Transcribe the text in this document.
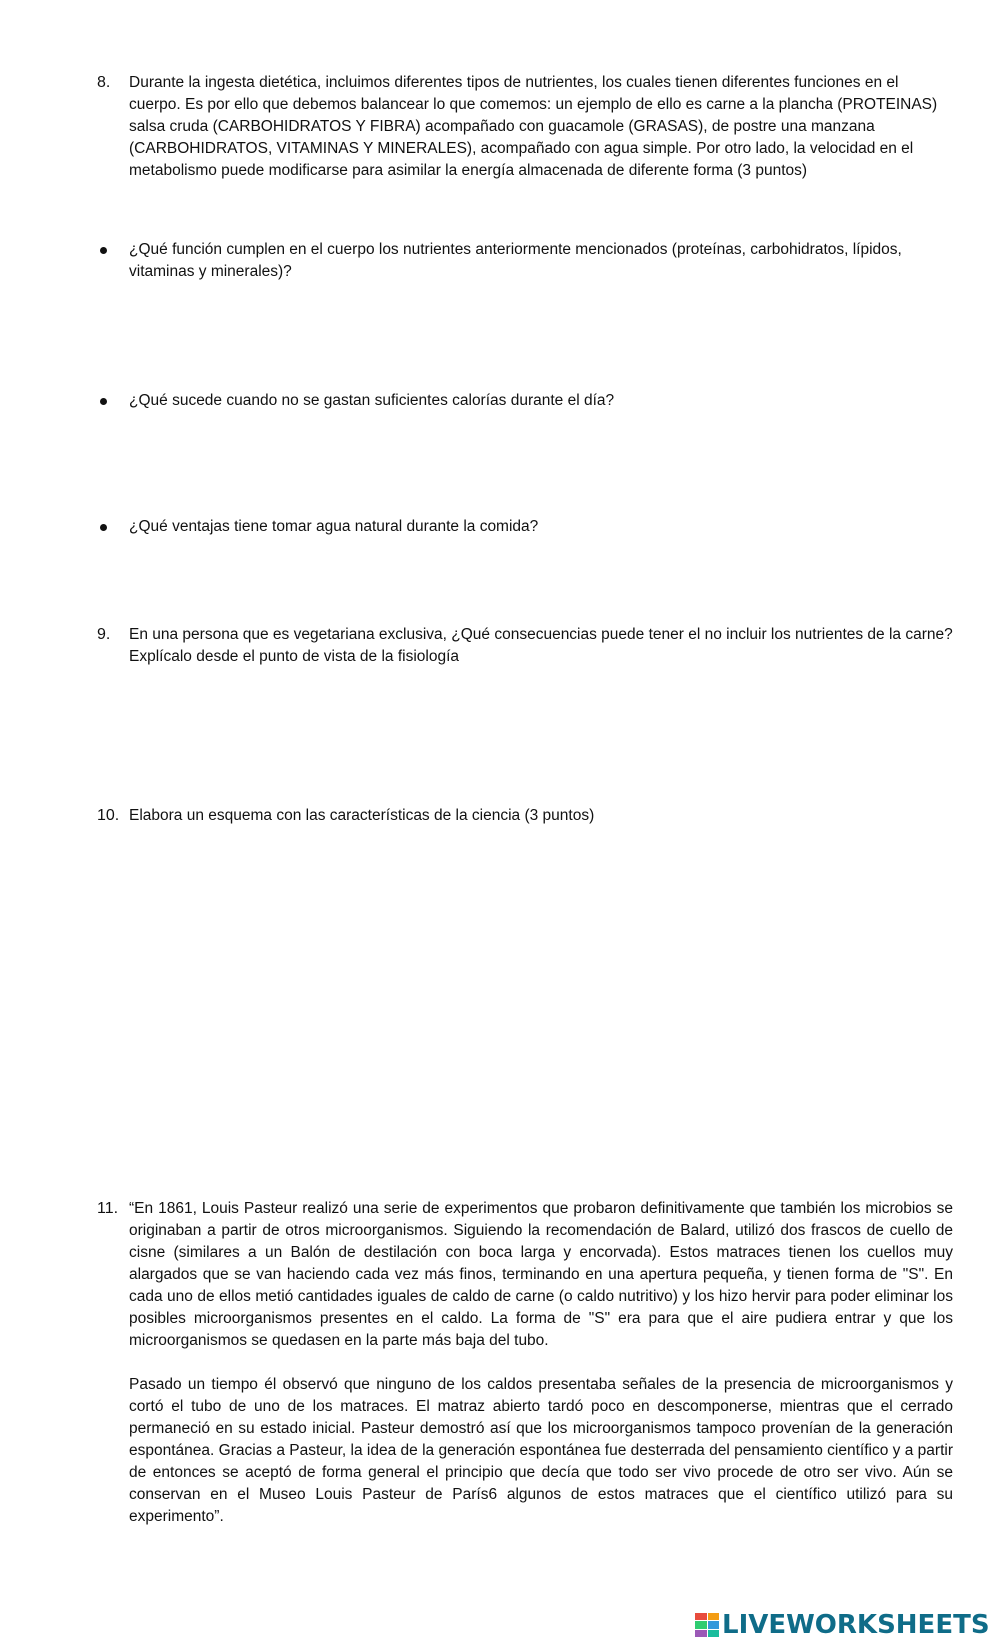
8. Durante la ingesta dietética, incluimos diferentes tipos de nutrientes, los cuales tienen diferentes funciones en el cuerpo. Es por ello que debemos balancear lo que comemos: un ejemplo de ello es carne a la plancha (PROTEINAS) salsa cruda (CARBOHIDRATOS Y FIBRA) acompañado con guacamole (GRASAS), de postre una manzana (CARBOHIDRATOS, VITAMINAS Y MINERALES), acompañado con agua simple. Por otro lado, la velocidad en el metabolismo puede modificarse para asimilar la energía almacenada de diferente forma (3 puntos)
¿Qué función cumplen en el cuerpo los nutrientes anteriormente mencionados (proteínas, carbohidratos, lípidos, vitaminas y minerales)?
¿Qué sucede cuando no se gastan suficientes calorías durante el día?
¿Qué ventajas tiene tomar agua natural durante la comida?
9. En una persona que es vegetariana exclusiva, ¿Qué consecuencias puede tener el no incluir los nutrientes de la carne? Explícalo desde el punto de vista de la fisiología
10. Elabora un esquema con las características de la ciencia (3 puntos)
11. “En 1861, Louis Pasteur realizó una serie de experimentos que probaron definitivamente que también los microbios se originaban a partir de otros microorganismos. Siguiendo la recomendación de Balard, utilizó dos frascos de cuello de cisne (similares a un Balón de destilación con boca larga y encorvada). Estos matraces tienen los cuellos muy alargados que se van haciendo cada vez más finos, terminando en una apertura pequeña, y tienen forma de "S". En cada uno de ellos metió cantidades iguales de caldo de carne (o caldo nutritivo) y los hizo hervir para poder eliminar los posibles microorganismos presentes en el caldo. La forma de "S" era para que el aire pudiera entrar y que los microorganismos se quedasen en la parte más baja del tubo.

Pasado un tiempo él observó que ninguno de los caldos presentaba señales de la presencia de microorganismos y cortó el tubo de uno de los matraces. El matraz abierto tardó poco en descomponerse, mientras que el cerrado permaneció en su estado inicial. Pasteur demostró así que los microorganismos tampoco provenían de la generación espontánea. Gracias a Pasteur, la idea de la generación espontánea fue desterrada del pensamiento científico y a partir de entonces se aceptó de forma general el principio que decía que todo ser vivo procede de otro ser vivo. Aún se conservan en el Museo Louis Pasteur de París6 algunos de estos matraces que el científico utilizó para su experimento”.

LIVEWORKSHEETS
